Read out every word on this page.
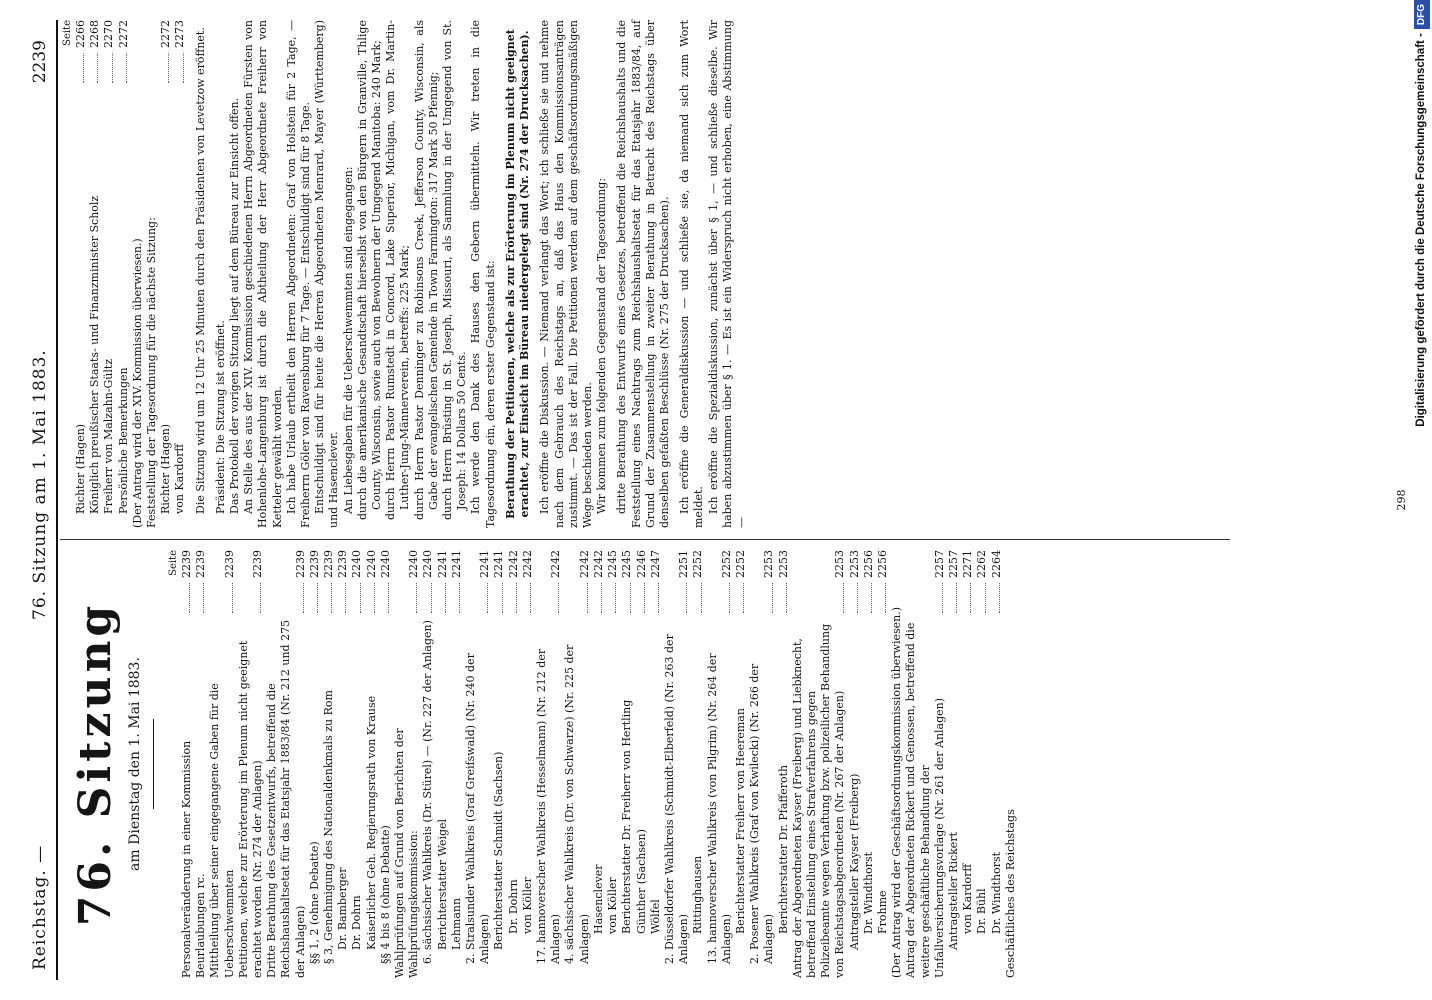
Reichstag. —
76. Sitzung am 1. Mai 1883.
2239
76. Sitzung am Dienstag den 1. Mai 1883.
Seite
Personalveränderung in einer Kommission
2239
Beurlaubungen rc.
2239
Mittheilung über seiner eingegangene Gaben für die Ueberschwemmten
2239
Petitionen, welche zur Erörterung im Plenum nicht geeignet erachtet worden (Nr. 274 der Anlagen)
2239
Dritte Berathung des Gesetzentwurfs, betreffend die Reichshaushaltsetat für das Etatsjahr 1883/84 (Nr. 212 und 275 der Anlagen)
2239
§§ 1, 2 (ohne Debatte)
2239
§ 3, Genehmigung des Nationaldenkmals zu Rom
2239
Dr. Bamberger
2239
Dr. Dohrn
2240
Kaiserlicher Geh. Regierungsrath von Krause
2240
§§ 4 bis 8 (ohne Debatte)
2240
Wahlprüfungen auf Grund von Berichten der Wahlprüfungskommission:
2240
6. sächsischer Wahlkreis (Dr. Stürel) — (Nr. 227 der Anlagen)
2240
Berichterstatter Weigel
2241
Lehmann
2241
2. Stralsunder Wahlkreis (Graf Greifswald) (Nr. 240 der Anlagen)
2241
Berichterstatter Schmidt (Sachsen)
2241
Dr. Dohrn
2242
von Köller
2242
17. hannoverscher Wahlkreis (Hesselmann) (Nr. 212 der Anlagen)
2242
4. sächsischer Wahlkreis (Dr. von Schwarze) (Nr. 225 der Anlagen)
2242
Hasenclever
2242
von Köller
2245
Berichterstatter Dr. Freiherr von Hertling
2245
Günther (Sachsen)
2246
Wölfel
2247
2. Düsseldorfer Wahlkreis (Schmidt-Elberfeld) (Nr. 263 der Anlagen)
2251
Rittinghausen
2252
13. hannoverscher Wahlkreis (von Pilgrim) (Nr. 264 der Anlagen)
2252
Berichterstatter Freiherr von Heereman
2252
2. Posener Wahlkreis (Graf von Kwilecki) (Nr. 266 der Anlagen)
2253
Berichterstatter Dr. Pfafferoth
2253
Antrag der Abgeordneten Kayser (Freiberg) und Liebknecht, betreffend Einstellung eines Strafverfahrens gegen Polizeibeamte wegen Verhaftung bzw. polizeilicher Behandlung von Reichstagsabgeordneten (Nr. 267 der Anlagen)
2253
Antragsteller Kayser (Freiberg)
2253
Dr. Windthorst
2256
Frohme
2256
(Der Antrag wird der Geschäftsordnungskommission überwiesen.) Antrag der Abgeordneten Rickert und Genossen, betreffend die weitere geschäftliche Behandlung der Unfallversicherungsvorlage (Nr. 261 der Anlagen)
2257
Antragsteller Rickert
2257
von Kardorff
2271
Dr. Bühl
2262
Dr. Windthorst
2264
Geschäftliches des Reichstags
Seite
Richter (Hagen)
2266
Königlich preußischer Staats- und Finanzminister Scholz
2268
Freiherr von Malzahn-Gültz
2270
Persönliche Bemerkungen
2272
(Der Antrag wird der XIV. Kommission überwiesen.) Feststellung der Tagesordnung für die nächste Sitzung: Richter (Hagen)
2272
von Kardorff
2273 Die Sitzung wird um 12 Uhr 25 Minuten durch den Präsidenten von Levetzow eröffnet. Präsident: Die Sitzung ist eröffnet. Das Protokoll der vorigen Sitzung liegt auf dem Büreau zur Einsicht offen. An Stelle des aus der XIV. Kommission geschiedenen Herrn Abgeordneten Fürsten von Hohenlohe-Langenburg ist durch die Abtheilung der Herr Abgeordnete Freiherr von Ketteler gewählt worden. Ich habe Urlaub ertheilt den Herren Abgeordneten: Graf von Holstein für 2 Tage, — Freiherrn Göler von Ravensburg für 7 Tage. — Entschuldigt sind für 8 Tage. Entschuldigt sind für heute die Herren Abgeordneten Menrard, Mayer (Württemberg) und Hasenclever. An Liebesgaben für die Ueberschwemmten sind eingegangen: durch die amerikanische Gesandtschaft hierselbst von den Bürgern in Granville, Thlige County, Wisconsin, sowie auch von Bewohnern der Umgegend Manitoba: 240 Mark; durch Herrn Pastor Rumstedt in Concord, Lake Superior, Michigan, vom Dr. Martin-Luther-Jung-Männerverein, betreffs: 225 Mark; durch Herrn Pastor Denninger zu Robinsons Creek, Jefferson County, Wisconsin, als Gabe der evangelischen Gemeinde in Town Farmington: 317 Mark 50 Pfennig; durch Herrn Brüsting in St. Joseph, Missouri, als Sammlung in der Umgegend von St. Joseph: 14 Dollars 50 Cents. Ich werde den Dank des Hauses den Gebern übermitteln. Wir treten in die Tagesordnung ein, deren erster Gegenstand ist: Berathung der Petitionen, welche als zur Erörterung im Plenum nicht geeignet erachtet, zur Einsicht im Büreau niedergelegt sind (Nr. 274 der Drucksachen). Ich eröffne die Diskussion. — Niemand verlangt das Wort; ich schließe sie und nehme nach dem Gebrauch des Reichstags an, daß das Haus den Kommissionsanträgen zustimmt. — Das ist der Fall. Die Petitionen werden auf dem geschäftsordnungsmäßigen Wege beschieden werden. Wir kommen zum folgenden Gegenstand der Tagesordnung: dritte Berathung des Entwurfs eines Gesetzes, betreffend die Reichshaushalts und die Feststellung eines Nachtrags zum Reichshaushaltsetat für das Etatsjahr 1883/84, auf Grund der Zusammenstellung in zweiter Berathung in Betracht des Reichstags über denselben gefaßten Beschlüsse (Nr. 275 der Drucksachen). Ich eröffne die Generaldiskussion — und schließe sie, da niemand sich zum Wort meldet. Ich eröffne die Spezialdiskussion, zunächst über § 1, — und schließe dieselbe. Wir haben abzustimmen über § 1. — Es ist ein Widerspruch nicht erhoben, eine Abstimmung —

298
Digitalisierung gefördert durch die Deutsche Forschungsgemeinschaft -DFG
